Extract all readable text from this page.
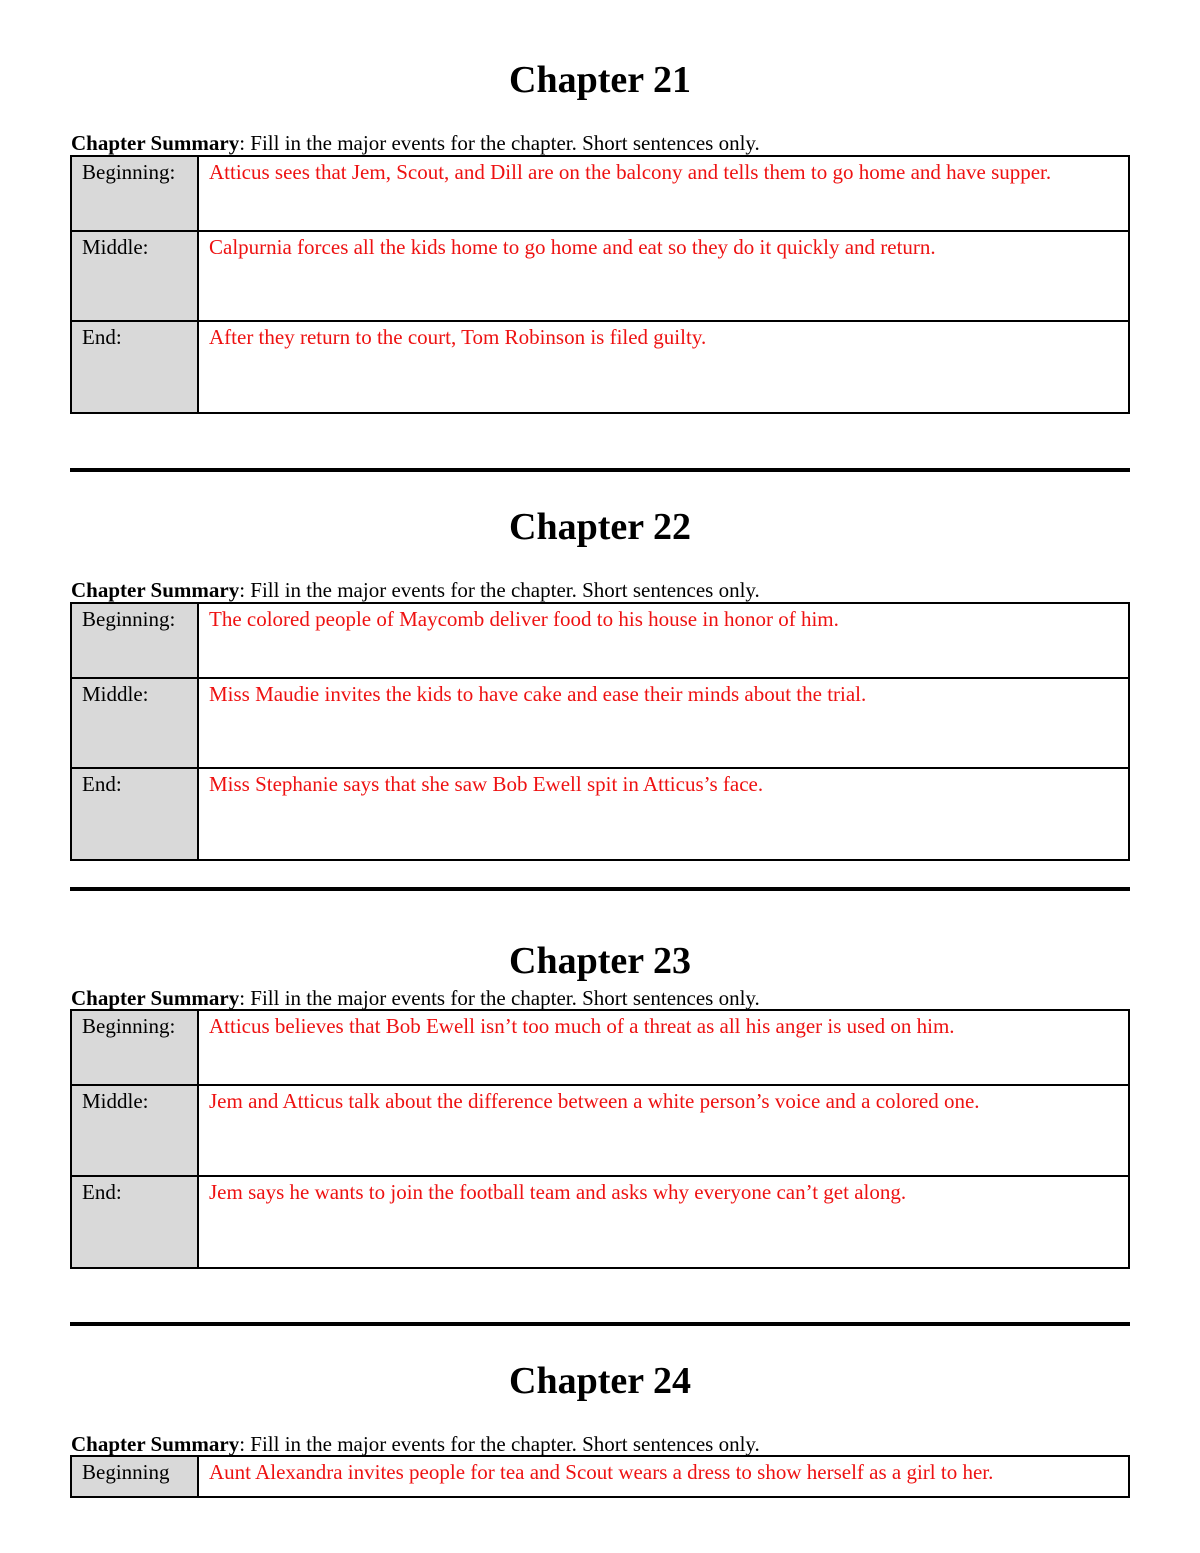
Chapter 21
Chapter Summary: Fill in the major events for the chapter. Short sentences only.
Beginning:	Atticus sees that Jem, Scout, and Dill are on the balcony and tells them to go home and have supper.
Middle:	Calpurnia forces all the kids home to go home and eat so they do it quickly and return.
End:	After they return to the court, Tom Robinson is filed guilty.
Chapter 22
Chapter Summary: Fill in the major events for the chapter. Short sentences only.
Beginning:	The colored people of Maycomb deliver food to his house in honor of him.
Middle:	Miss Maudie invites the kids to have cake and ease their minds about the trial.
End:	Miss Stephanie says that she saw Bob Ewell spit in Atticus’s face.
Chapter 23
Chapter Summary: Fill in the major events for the chapter. Short sentences only.
Beginning:	Atticus believes that Bob Ewell isn’t too much of a threat as all his anger is used on him.
Middle:	Jem and Atticus talk about the difference between a white person’s voice and a colored one.
End:	Jem says he wants to join the football team and asks why everyone can’t get along.
Chapter 24
Chapter Summary: Fill in the major events for the chapter. Short sentences only.
Beginning	Aunt Alexandra invites people for tea and Scout wears a dress to show herself as a girl to her.
